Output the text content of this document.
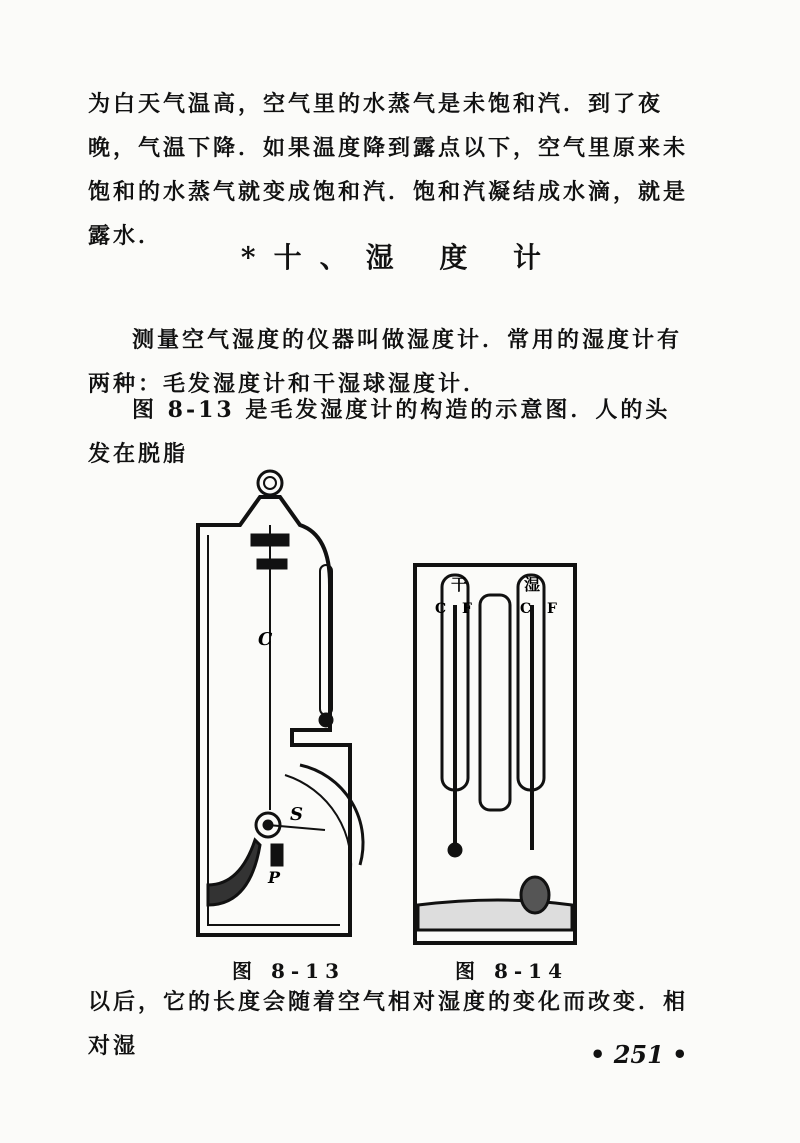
为白天气温高，空气里的水蒸气是未饱和汽．到了夜晚，气温下降．如果温度降到露点以下，空气里原来未饱和的水蒸气就变成饱和汽．饱和汽凝结成水滴，就是露水．

*十、湿 度 计

测量空气湿度的仪器叫做湿度计．常用的湿度计有两种：毛发湿度计和干湿球湿度计．

图 8-13 是毛发湿度计的构造的示意图．人的头发在脱脂

C
S
P
干	湿
C F	C F
图 8-13	图 8-14

以后，它的长度会随着空气相对湿度的变化而改变．相对湿	• 251 •
